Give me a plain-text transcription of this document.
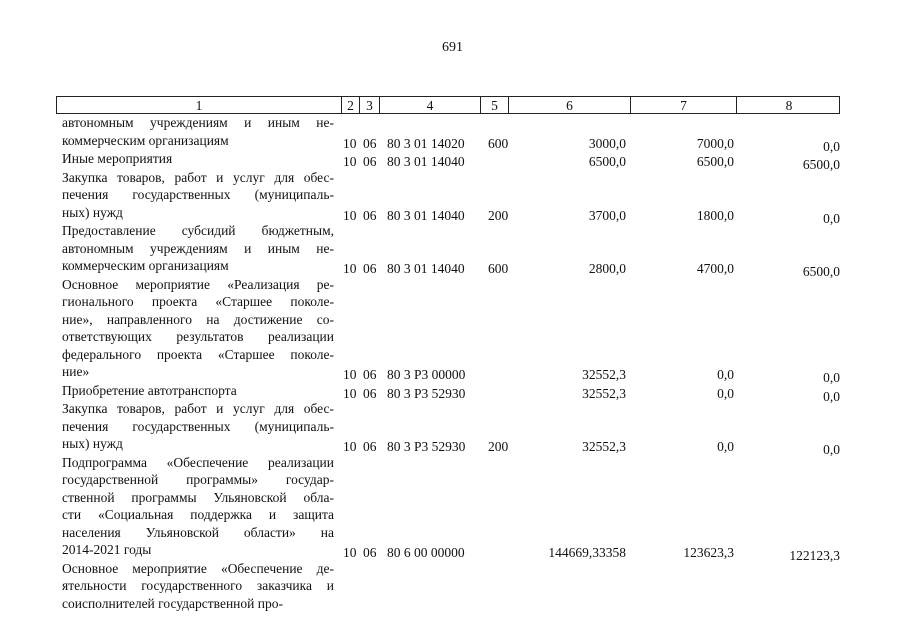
691
1	2 3	4	5	6	7	8
автономным учреждениям и иным не-
коммерческим организациям	10 06 80 3 01 14020 600	3000,0	7000,0	0,0
Иные мероприятия	10 06 80 3 01 14040	6500,0	6500,0	6500,0
Закупка товаров, работ и услуг для обес-
печения государственных (муниципаль-
ных) нужд	10 06 80 3 01 14040 200	3700,0	1800,0	0,0
Предоставление субсидий бюджетным,
автономным учреждениям и иным не-
коммерческим организациям	10 06 80 3 01 14040 600	2800,0	4700,0	6500,0
Основное мероприятие «Реализация ре-
гионального проекта «Старшее поколе-
ние», направленного на достижение со-
ответствующих результатов реализации
федерального проекта «Старшее поколе-
ние»	10 06 80 3 P3 00000	32552,3	0,0	0,0
Приобретение автотранспорта	10 06 80 3 P3 52930	32552,3	0,0	0,0
Закупка товаров, работ и услуг для обес-
печения государственных (муниципаль-
ных) нужд	10 06 80 3 P3 52930 200	32552,3	0,0	0,0
Подпрограмма «Обеспечение реализации
государственной программы» государ-
ственной программы Ульяновской обла-
сти «Социальная поддержка и защита
населения Ульяновской области» на
2014-2021 годы	10 06 80 6 00 00000	144669,33358	123623,3	122123,3
Основное мероприятие «Обеспечение де-
ятельности государственного заказчика и
соисполнителей государственной про-
